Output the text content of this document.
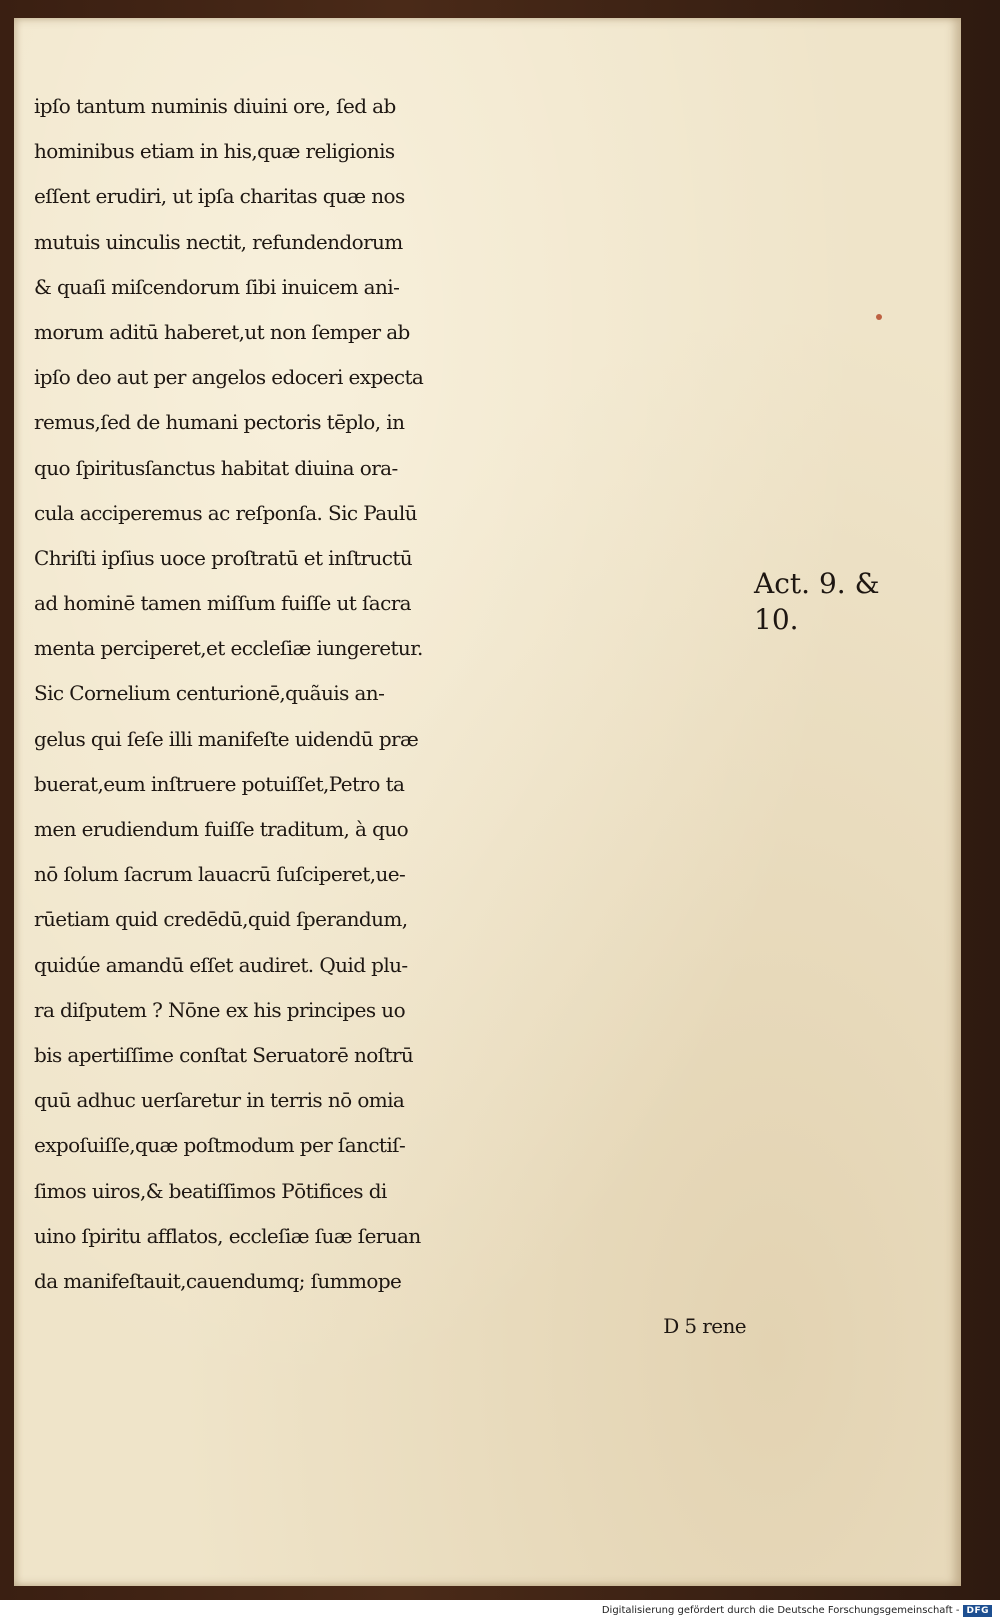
ipſo tantum numinis diuini ore, ſed ab
hominibus etiam in his,quæ religionis
eſſent erudiri, ut ipſa charitas quæ nos
mutuis uinculis nectit, refundendorum
& quaſi miſcendorum ſibi inuicem ani-
morum aditū haberet,ut non ſemper ab
ipſo deo aut per angelos edoceri expecta
remus,ſed de humani pectoris tēplo, in
quo ſpiritusſanctus habitat diuina ora-
cula acciperemus ac reſponſa. Sic Paulū
Chriſti ipſius uoce proſtratū et inſtructū
ad hominē tamen miſſum fuiſſe ut ſacra
menta perciperet,et eccleſiæ iungeretur.
Sic Cornelium centurionē,quãuis an-
gelus qui ſeſe illi manifeſte uidendū præ
buerat,eum inſtruere potuiſſet,Petro ta
men erudiendum fuiſſe traditum, à quo
nō ſolum ſacrum lauacrū ſuſciperet,ue-
rūetiam quid credēdū,quid ſperandum,
quidúe amandū eſſet audiret. Quid plu-
ra diſputem ? Nōne ex his principes uo
bis apertiſſime conſtat Seruatorē noſtrū
quū adhuc uerſaretur in terris nō omia
expoſuiſſe,quæ poſtmodum per ſanctiſ-
ſimos uiros,& beatiſſimos Pōtifices di
uino ſpiritu afflatos, eccleſiæ ſuæ ſeruan
da manifeſtauit,cauendumq; ſummope
D 5 rene
Act. 9. &
10.
Digitalisierung gefördert durch die Deutsche Forschungsgemeinschaft - DFG
